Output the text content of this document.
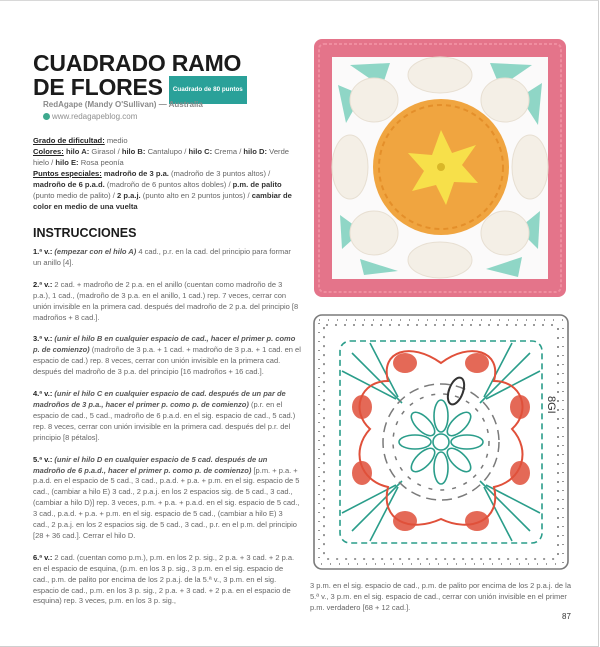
CUADRADO RAMO
DE FLORES Cuadrado de 80 puntos
RedAgape (Mandy O'Sullivan) — Australia
www.redagapeblog.com
Grado de dificultad: medio
Colores: hilo A: Girasol / hilo B: Cantalupo / hilo C: Crema / hilo D: Verde hielo / hilo E: Rosa peonía
Puntos especiales: madroño de 3 p.a. (madroño de 3 puntos altos) / madroño de 6 p.a.d. (madroño de 6 puntos altos dobles) / p.m. de palito (punto medio de palito) / 2 p.a.j. (punto alto en 2 puntos juntos) / cambiar de color en medio de una vuelta
INSTRUCCIONES

1.ª v.: (empezar con el hilo A) 4 cad., p.r. en la cad. del principio para formar un anillo [4].

2.ª v.: 2 cad. + madroño de 2 p.a. en el anillo (cuentan como madroño de 3 p.a.), 1 cad., (madroño de 3 p.a. en el anillo, 1 cad.) rep. 7 veces, cerrar con unión invisible en la primera cad. después del madroño de 2 p.a. del principio [8 madroños + 8 cad.].

3.ª v.: (unir el hilo B en cualquier espacio de cad., hacer el primer p. como p. de comienzo) (madroño de 3 p.a. + 1 cad. + madroño de 3 p.a. + 1 cad. en el espacio de cad.) rep. 8 veces, cerrar con unión invisible en la primera cad. después del madroño de 3 p.a. del principio [16 madroños + 16 cad.].

4.ª v.: (unir el hilo C en cualquier espacio de cad. después de un par de madroños de 3 p.a., hacer el primer p. como p. de comienzo) (p.r. en el espacio de cad., 5 cad., madroño de 6 p.a.d. en el sig. espacio de cad., 5 cad.) rep. 8 veces, cerrar con unión invisible en la primera cad. después del p.r. del principio [8 pétalos].

5.ª v.: (unir el hilo D en cualquier espacio de 5 cad. después de un madroño de 6 p.a.d., hacer el primer p. como p. de comienzo) [p.m. + p.a. + p.a.d. en el espacio de 5 cad., 3 cad., p.a.d. + p.a. + p.m. en el sig. espacio de 5 cad., (cambiar a hilo E) 3 cad., 2 p.a.j. en los 2 espacios sig. de 5 cad., 3 cad., (cambiar a hilo D)] rep. 3 veces, p.m. + p.a. + p.a.d. en el sig. espacio de 5 cad., 3 cad., p.a.d. + p.a. + p.m. en el sig. espacio de 5 cad., (cambiar a hilo E) 3 cad., 2 p.a.j. en los 2 espacios sig. de 5 cad., 3 cad., p.r. en el p.m. del principio [28 + 36 cad.]. Cerrar el hilo D.

6.ª v.: 2 cad. (cuentan como p.m.), p.m. en los 2 p. sig., 2 p.a. + 3 cad. + 2 p.a. en el espacio de esquina, (p.m. en los 3 p. sig., 3 p.m. en el sig. espacio de cad., p.m. de palito por encima de los 2 p.a.j. de la 5.ª v., 3 p.m. en el sig. espacio de cad., p.m. en los 3 p. sig., 2 p.a. + 3 cad. + 2 p.a. en el espacio de esquina) rep. 3 veces, p.m. en los 3 p. sig.,

8GI
3 p.m. en el sig. espacio de cad., p.m. de palito por encima de los 2 p.a.j. de la 5.ª v., 3 p.m. en el sig. espacio de cad., cerrar con unión invisible en el primer p.m. verdadero [68 + 12 cad.].
87
